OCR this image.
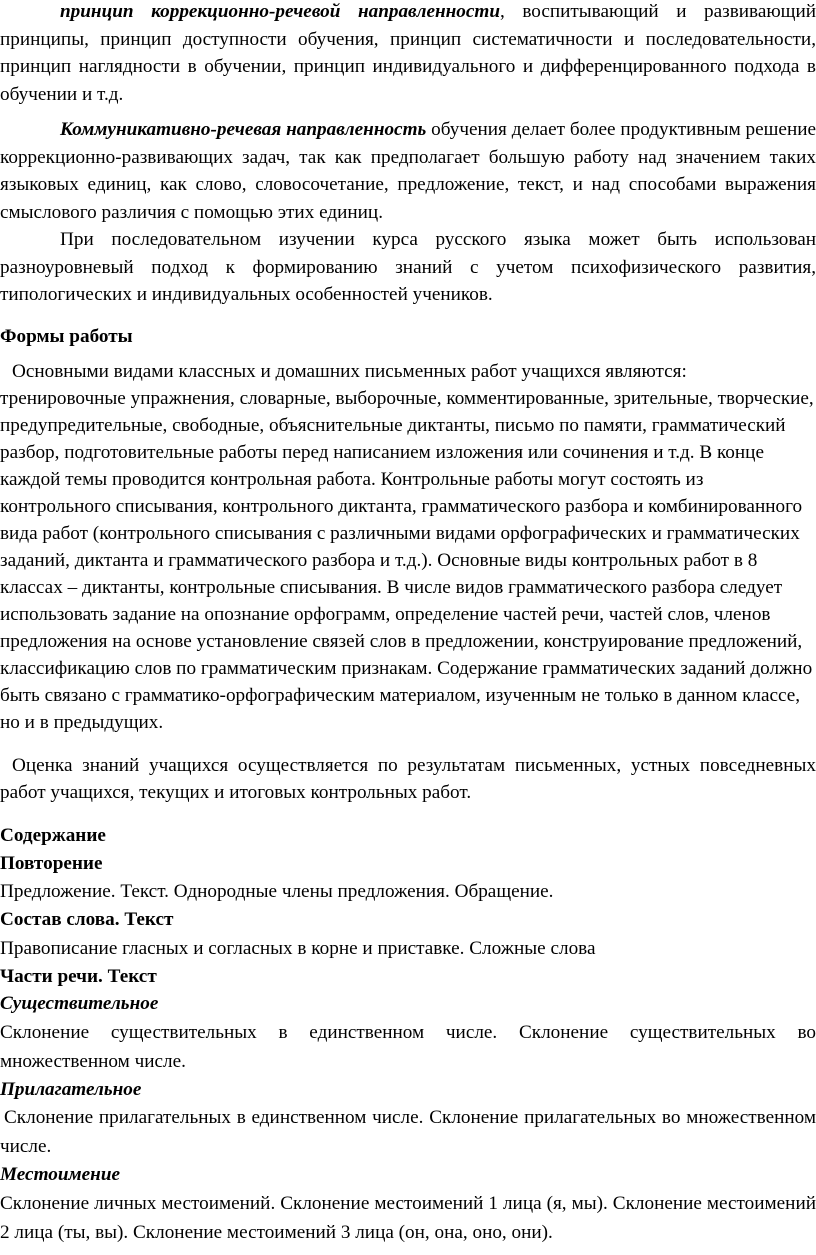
принцип коррекционно-речевой направленности, воспитывающий и развивающий принципы, принцип доступности обучения, принцип систематичности и последовательности, принцип наглядности в обучении, принцип индивидуального и дифференцированного подхода в обучении и т.д.

Коммуникативно-речевая направленность обучения делает более продуктивным решение коррекционно-развивающих задач, так как предполагает большую работу над значением таких языковых единиц, как слово, словосочетание, предложение, текст, и над способами выражения смыслового различия с помощью этих единиц.

При последовательном изучении курса русского языка может быть использован разноуровневый подход к формированию знаний с учетом психофизического развития, типологических и индивидуальных особенностей учеников.

Формы работы

Основными видами классных и домашних письменных работ учащихся являются: тренировочные упражнения, словарные, выборочные, комментированные, зрительные, творческие, предупредительные, свободные, объяснительные диктанты, письмо по памяти, грамматический разбор, подготовительные работы перед написанием изложения или сочинения и т.д. В конце каждой темы проводится контрольная работа. Контрольные работы могут состоять из контрольного списывания, контрольного диктанта, грамматического разбора и комбинированного вида работ (контрольного списывания с различными видами орфографических и грамматических заданий, диктанта и грамматического разбора и т.д.). Основные виды контрольных работ в 8 классах – диктанты, контрольные списывания. В числе видов грамматического разбора следует использовать задание на опознание орфограмм, определение частей речи, частей слов, членов предложения на основе установление связей слов в предложении, конструирование предложений, классификацию слов по грамматическим признакам. Содержание грамматических заданий должно быть связано с грамматико-орфографическим материалом, изученным не только в данном классе, но и в предыдущих.

Оценка знаний учащихся осуществляется по результатам письменных, устных повседневных работ учащихся, текущих и итоговых контрольных работ.

Содержание
Повторение

Предложение. Текст. Однородные члены предложения. Обращение.

Состав слова. Текст

Правописание гласных и согласных в корне и приставке. Сложные слова

Части речи. Текст

Существительное

Склонение существительных в единственном числе. Склонение существительных во множественном числе.

Прилагательное

Склонение прилагательных в единственном числе. Склонение прилагательных во множественном числе.

Местоимение

Склонение личных местоимений. Склонение местоимений 1 лица (я, мы). Склонение местоимений 2 лица (ты, вы). Склонение местоимений 3 лица (он, она, оно, они).
